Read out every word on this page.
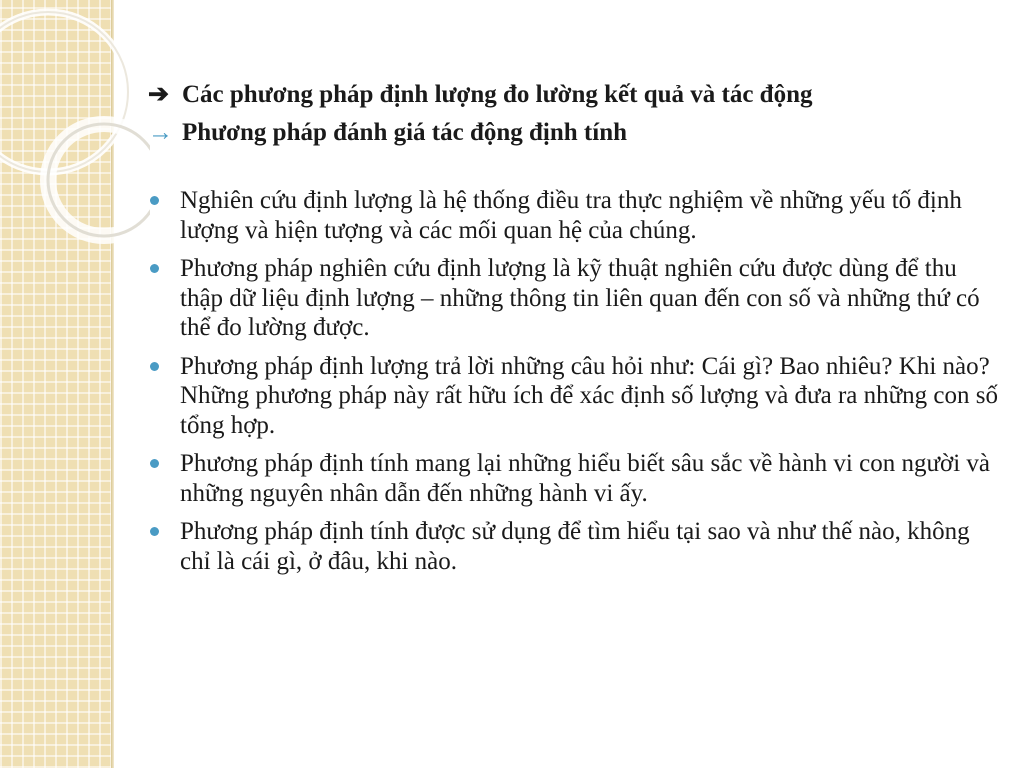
➔ Các phương pháp định lượng đo lường kết quả và tác động
→ Phương pháp đánh giá tác động định tính
Nghiên cứu định lượng là hệ thống điều tra thực nghiệm về những yếu tố định lượng và hiện tượng và các mối quan hệ của chúng.
Phương pháp nghiên cứu định lượng là kỹ thuật nghiên cứu được dùng để thu thập dữ liệu định lượng – những thông tin liên quan đến con số và những thứ có thể đo lường được.
Phương pháp định lượng trả lời những câu hỏi như: Cái gì? Bao nhiêu? Khi nào? Những phương pháp này rất hữu ích để xác định số lượng và đưa ra những con số tổng hợp.
Phương pháp định tính mang lại những hiểu biết sâu sắc về hành vi con người và những nguyên nhân dẫn đến những hành vi ấy.
Phương pháp định tính được sử dụng để tìm hiểu tại sao và như thế nào, không chỉ là cái gì, ở đâu, khi nào.
